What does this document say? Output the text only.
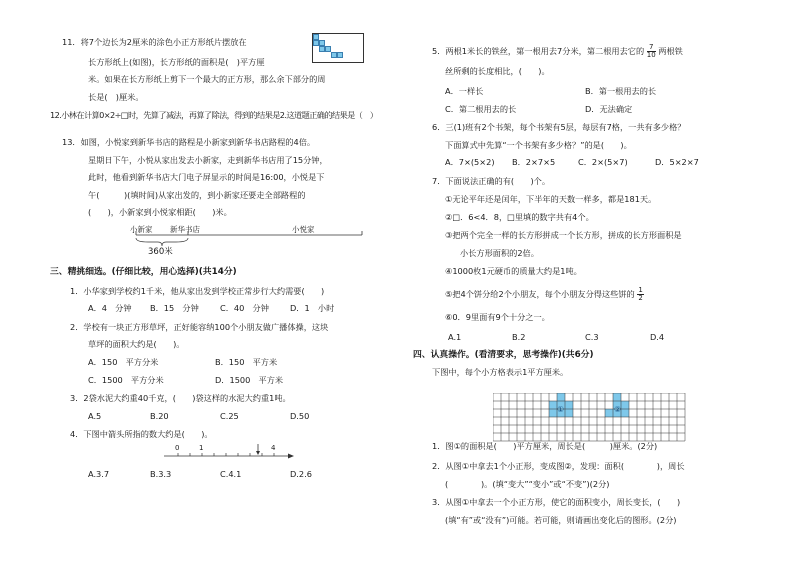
11．将7个边长为2厘米的涂色小正方形纸片摆放在
长方形纸上(如图)，长方形纸的面积是(　)平方厘
米。如果在长方形纸上剪下一个最大的正方形，那么余下部分的周
长是(　)厘米。
12.小林在计算0×2÷□时，先算了减法，再算了除法，得到的结果是2.这道题正确的结果是（　）
13．如图，小悦家到新华书店的路程是小新家到新华书店路程的4倍。
星期日下午，小悦从家出发去小新家，走到新华书店用了15分钟，
此时，他看到新华书店大门电子屏显示的时间是16:00，小悦是下
午(　　　)(填时间)从家出发的，到小新家还要走全部路程的
(　　)，小新家到小悦家相距(　　)米。
小新家 新华书店	小悦家
360米
三、精挑细选。(仔细比较，用心选择)(共14分)
1．小华家到学校约1千米，他从家出发到学校正常步行大约需要(　　)
A．4　分钟 B．15　分钟	C．40　分钟	D．1　小时
2．学校有一块正方形草坪，正好能容纳100个小朋友做广播体操，这块
草坪的面积大约是(　　)。
A．150　平方分米	B．150　平方米
C．1500　平方分米	D．1500　平方米
3．2袋水泥大约重40千克，(　　)袋这样的水泥大约重1吨。
A.5	B.20	C.25	D.50
4．下图中箭头所指的数大约是(　　)。
0	1	4
A.3.7	B.3.3	C.4.1	D.2.6
5．两根1米长的铁丝，第一根用去7分米，第二根用去它的 $\frac{7}{10}$ 两根铁
丝所剩的长度相比，(　　)。
A．一样长	B．第一根用去的长
C．第二根用去的长	D．无法确定
6．三(1)班有2个书架，每个书架有5层，每层有7格，一共有多少格？
下面算式中先算“一个书架有多少格？”的是(　　)。
A．7×(5×2) B．2×7×5	C．2×(5×7)	D．5×2×7
7．下面说法正确的有(　　)个。
①无论平年还是闰年，下半年的天数一样多，都是181天。
②□．6<4．8，□里填的数字共有4个。
③把两个完全一样的长方形拼成一个长方形，拼成的长方形面积是
小长方形面积的2倍。
④1000枚1元硬币的质量大约是1吨。
⑤把4个饼分给2个小朋友，每个小朋友分得这些饼的 $\frac{1}{2}$
⑥0．9里面有9个十分之一。
A.1	B.2	C.3	D.4
四、认真操作。(看清要求，思考操作)(共6分)
下图中，每个小方格表示1平方厘米。
①	②
1．图①的面积是(　　)平方厘米，周长是(　　　)厘米。(2分)
2．从图①中拿去1个小正形，变成图②，发现：面积(　　　　)，周长
(　　　　)。(填“变大”“变小”或“不变”)(2分)
3．从图①中拿去一个小正方形，使它的面积变小，周长变长，(　　)
(填“有”或“没有”)可能。若可能，则请画出变化后的图形。(2分)
